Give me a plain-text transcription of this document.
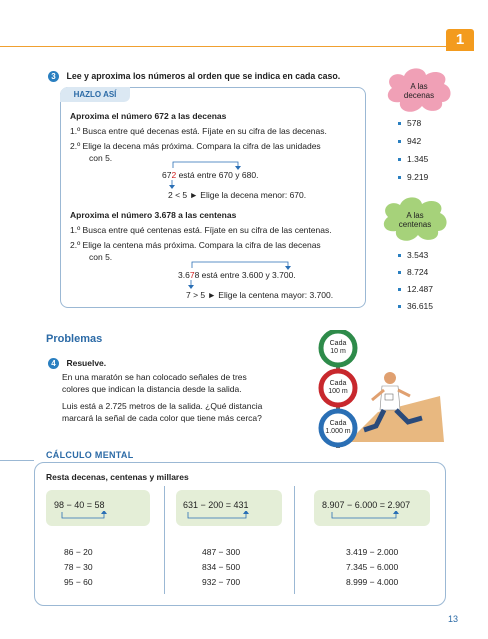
1
3 Lee y aproxima los números al orden que se indica en cada caso.
HAZLO ASÍ
Aproxima el número 672 a las decenas
1.º Busca entre qué decenas está. Fíjate en su cifra de las decenas.
2.º Elige la decena más próxima. Compara la cifra de las unidades
con 5.
672 está entre 670 y 680.
2 < 5 ► Elige la decena menor: 670.
Aproxima el número 3.678 a las centenas
1.º Busca entre qué centenas está. Fíjate en su cifra de las centenas.
2.º Elige la centena más próxima. Compara la cifra de las decenas
con 5.
3.678 está entre 3.600 y 3.700.
7 > 5 ► Elige la centena mayor: 3.700.
A las
decenas
578
942
1.345
9.219
A las
centenas
3.543
8.724
12.487
36.615
Problemas
4 Resuelve.
En una maratón se han colocado señales de tres
colores que indican la distancia desde la salida.
Luis está a 2.725 metros de la salida. ¿Qué distancia
marcará la señal de cada color que tiene más cerca?
Cada
10 m
Cada
100 m
Cada
1.000 m
CÁLCULO MENTAL
Resta decenas, centenas y millares
98 − 40 = 58
86 − 20
78 − 30
95 − 60
631 − 200 = 431
487 − 300
834 − 500
932 − 700
8.907 − 6.000 = 2.907
3.419 − 2.000
7.345 − 6.000
8.999 − 4.000
13
